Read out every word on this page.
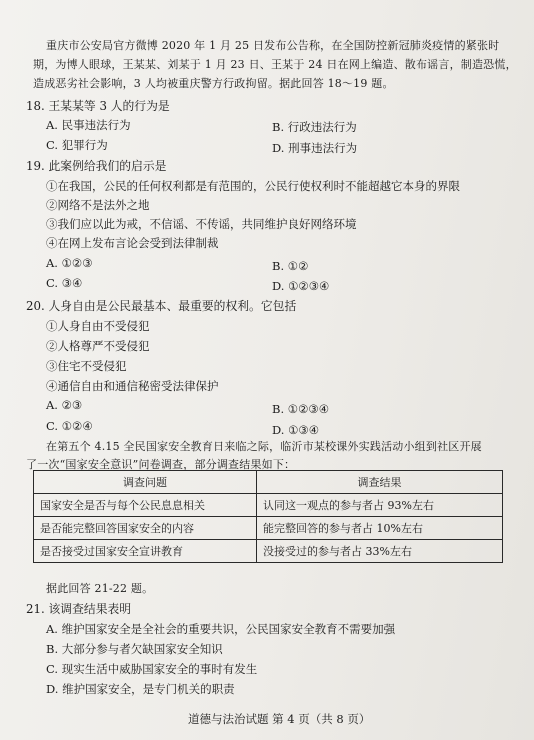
重庆市公安局官方微博 2020 年 1 月 25 日发布公告称，在全国防控新冠肺炎疫情的紧张时
期，为博人眼球，王某某、刘某于 1 月 23 日、王某于 24 日在网上编造、散布谣言，制造恐慌，
造成恶劣社会影响，3 人均被重庆警方行政拘留。据此回答 18～19 题。
18. 王某某等 3 人的行为是
A. 民事违法行为	B. 行政违法行为
C. 犯罪行为	D. 刑事违法行为
19. 此案例给我们的启示是
①在我国，公民的任何权利都是有范围的，公民行使权利时不能超越它本身的界限
②网络不是法外之地
③我们应以此为戒，不信谣、不传谣，共同维护良好网络环境
④在网上发布言论会受到法律制裁
A. ①②③	B. ①②
C. ③④	D. ①②③④
20. 人身自由是公民最基本、最重要的权利。它包括
①人身自由不受侵犯
②人格尊严不受侵犯
③住宅不受侵犯
④通信自由和通信秘密受法律保护
A. ②③	B. ①②③④
C. ①②④	D. ①③④
在第五个 4.15 全民国家安全教育日来临之际，临沂市某校课外实践活动小组到社区开展
了一次“国家安全意识”问卷调查，部分调查结果如下：
调查问题	调查结果
国家安全是否与每个公民息息相关	认同这一观点的参与者占 93%左右
是否能完整回答国家安全的内容	能完整回答的参与者占 10%左右
是否接受过国家安全宣讲教育	没接受过的参与者占 33%左右
据此回答 21-22 题。
21. 该调查结果表明
A. 维护国家安全是全社会的重要共识，公民国家安全教育不需要加强
B. 大部分参与者欠缺国家安全知识
C. 现实生活中威胁国家安全的事时有发生
D. 维护国家安全，是专门机关的职责
道德与法治试题 第 4 页（共 8 页）
